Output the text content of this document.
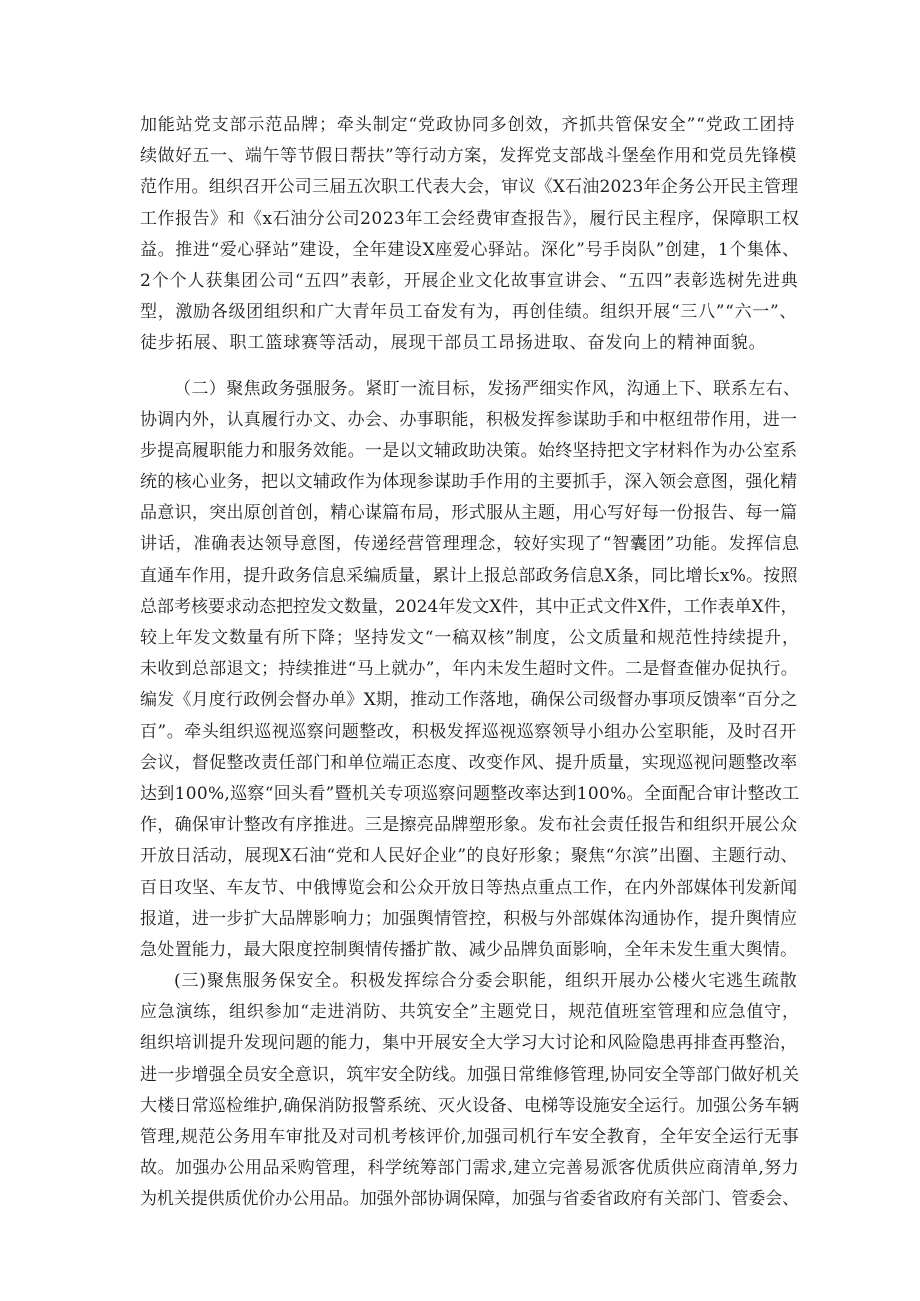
加能站党支部示范品牌；牵头制定“党政协同多创效，齐抓共管保安全”“党政工团持
续做好五一、端午等节假日帮扶”等行动方案，发挥党支部战斗堡垒作用和党员先锋模
范作用。组织召开公司三届五次职工代表大会，审议《X石油2023年企务公开民主管理
工作报告》和《x石油分公司2023年工会经费审查报告》，履行民主程序，保障职工权
益。推进“爱心驿站”建设，全年建设X座爱心驿站。深化”号手岗队”创建，1个集体、
2个个人获集团公司“五四”表彰，开展企业文化故事宣讲会、“五四”表彰选树先进典
型，激励各级团组织和广大青年员工奋发有为，再创佳绩。组织开展“三八”“六一”、
徒步拓展、职工篮球赛等活动，展现干部员工昂扬进取、奋发向上的精神面貌。
（二）聚焦政务强服务。紧盯一流目标，发扬严细实作风，沟通上下、联系左右、
协调内外，认真履行办文、办会、办事职能，积极发挥参谋助手和中枢纽带作用，进一
步提高履职能力和服务效能。一是以文辅政助决策。始终坚持把文字材料作为办公室系
统的核心业务，把以文辅政作为体现参谋助手作用的主要抓手，深入领会意图，强化精
品意识，突出原创首创，精心谋篇布局，形式服从主题，用心写好每一份报告、每一篇
讲话，准确表达领导意图，传递经营管理理念，较好实现了“智囊团”功能。发挥信息
直通车作用，提升政务信息采编质量，累计上报总部政务信息X条，同比增长x%。按照
总部考核要求动态把控发文数量，2024年发文X件，其中正式文件X件，工作表单X件，
较上年发文数量有所下降；坚持发文“一稿双核”制度，公文质量和规范性持续提升，
未收到总部退文；持续推进“马上就办”，年内未发生超时文件。二是督查催办促执行。
编发《月度行政例会督办单》X期，推动工作落地，确保公司级督办事项反馈率“百分之
百”。牵头组织巡视巡察问题整改，积极发挥巡视巡察领导小组办公室职能，及时召开
会议，督促整改责任部门和单位端正态度、改变作风、提升质量，实现巡视问题整改率
达到100%,巡察“回头看”暨机关专项巡察问题整改率达到100%。全面配合审计整改工
作，确保审计整改有序推进。三是擦亮品牌塑形象。发布社会责任报告和组织开展公众
开放日活动，展现X石油“党和人民好企业”的良好形象；聚焦“尔滨”出圈、主题行动、
百日攻坚、车友节、中俄博览会和公众开放日等热点重点工作，在内外部媒体刊发新闻
报道，进一步扩大品牌影响力；加强舆情管控，积极与外部媒体沟通协作，提升舆情应
急处置能力，最大限度控制舆情传播扩散、减少品牌负面影响，全年未发生重大舆情。
(三)聚焦服务保安全。积极发挥综合分委会职能，组织开展办公楼火宅逃生疏散
应急演练，组织参加“走进消防、共筑安全”主题党日，规范值班室管理和应急值守，
组织培训提升发现问题的能力，集中开展安全大学习大讨论和风险隐患再排查再整治，
进一步增强全员安全意识，筑牢安全防线。加强日常维修管理,协同安全等部门做好机关
大楼日常巡检维护,确保消防报警系统、灭火设备、电梯等设施安全运行。加强公务车辆
管理,规范公务用车审批及对司机考核评价,加强司机行车安全教育，全年安全运行无事
故。加强办公用品采购管理，科学统筹部门需求,建立完善易派客优质供应商清单,努力
为机关提供质优价办公用品。加强外部协调保障，加强与省委省政府有关部门、管委会、
